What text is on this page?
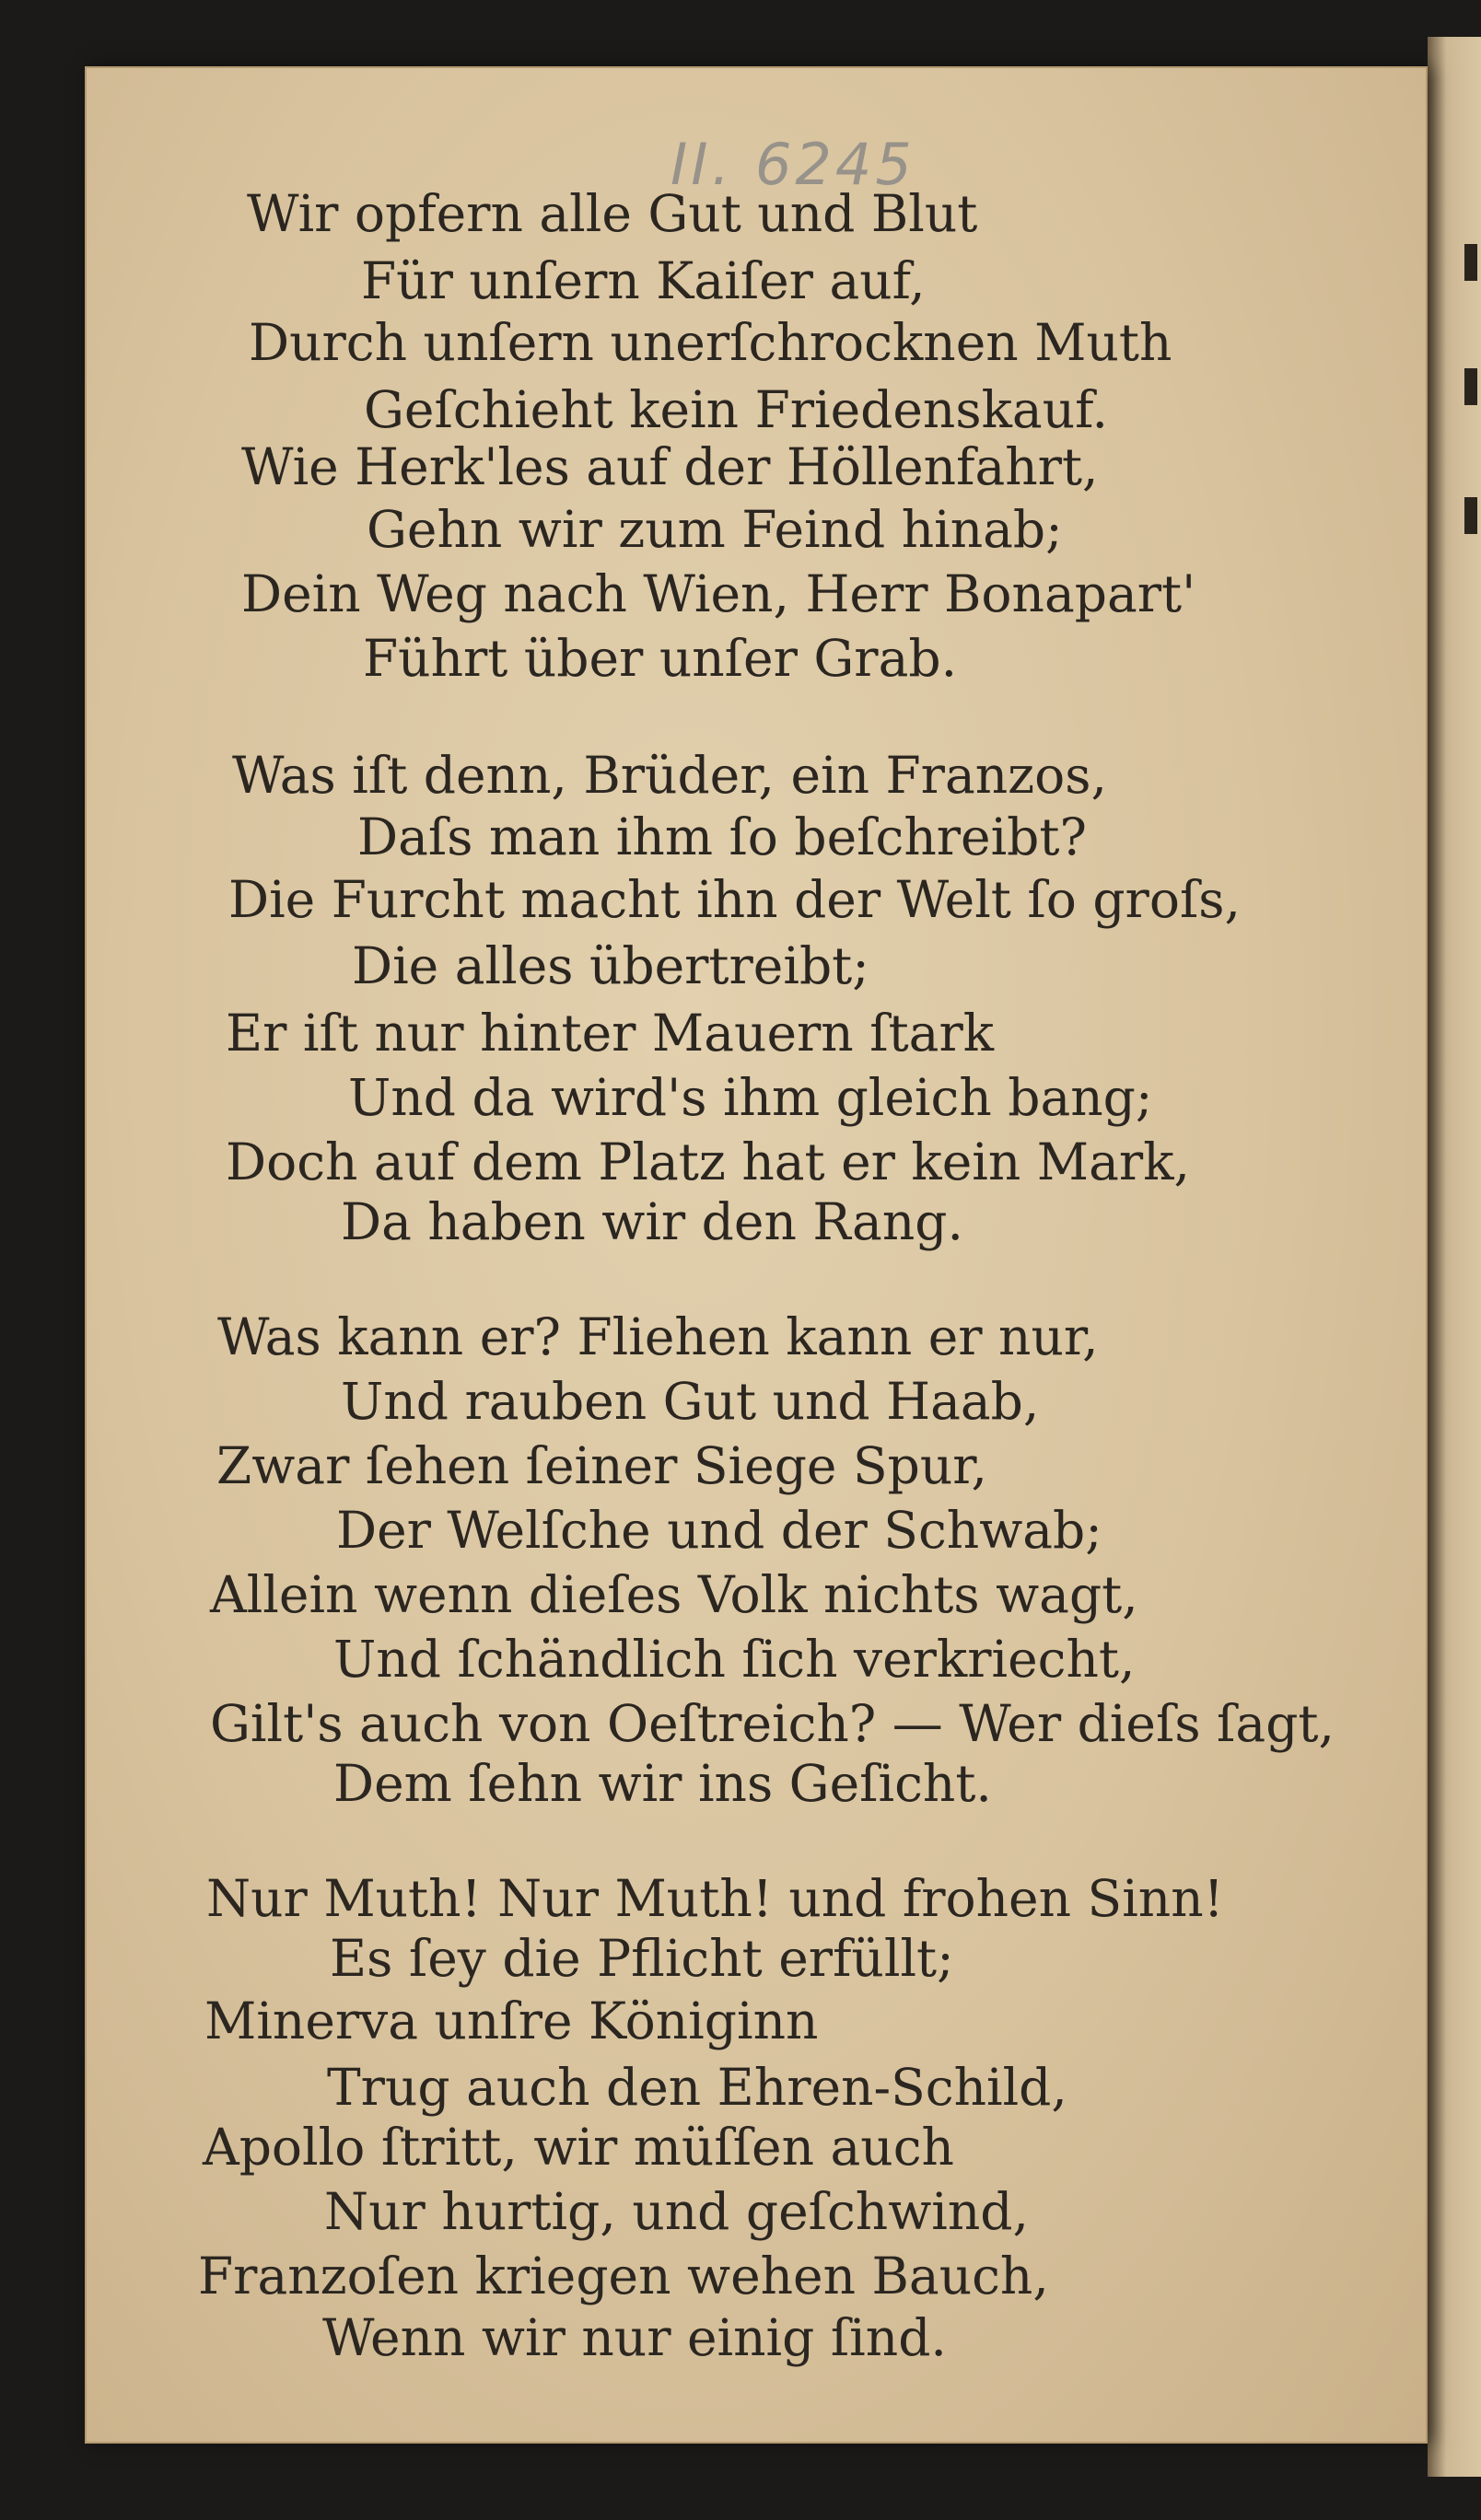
II. 6245
Wir opfern alle Gut und Blut
Für unſern Kaiſer auf,
Durch unſern unerſchrocknen Muth
Geſchieht kein Friedenskauf.
Wie Herk'les auf der Höllenfahrt,
Gehn wir zum Feind hinab;
Dein Weg nach Wien, Herr Bonapart'
Führt über unſer Grab.
Was iſt denn, Brüder, ein Franzos,
Daſs man ihm ſo beſchreibt?
Die Furcht macht ihn der Welt ſo groſs,
Die alles übertreibt;
Er iſt nur hinter Mauern ſtark
Und da wird's ihm gleich bang;
Doch auf dem Platz hat er kein Mark,
Da haben wir den Rang.
Was kann er? Fliehen kann er nur,
Und rauben Gut und Haab,
Zwar ſehen ſeiner Siege Spur,
Der Welſche und der Schwab;
Allein wenn dieſes Volk nichts wagt,
Und ſchändlich ſich verkriecht,
Gilt's auch von Oeſtreich? — Wer dieſs ſagt,
Dem ſehn wir ins Geſicht.
Nur Muth! Nur Muth! und frohen Sinn!
Es ſey die Pflicht erfüllt;
Minerva unſre Königinn
Trug auch den Ehren-Schild,
Apollo ſtritt, wir müſſen auch
Nur hurtig, und geſchwind,
Franzoſen kriegen wehen Bauch,
Wenn wir nur einig ſind.
